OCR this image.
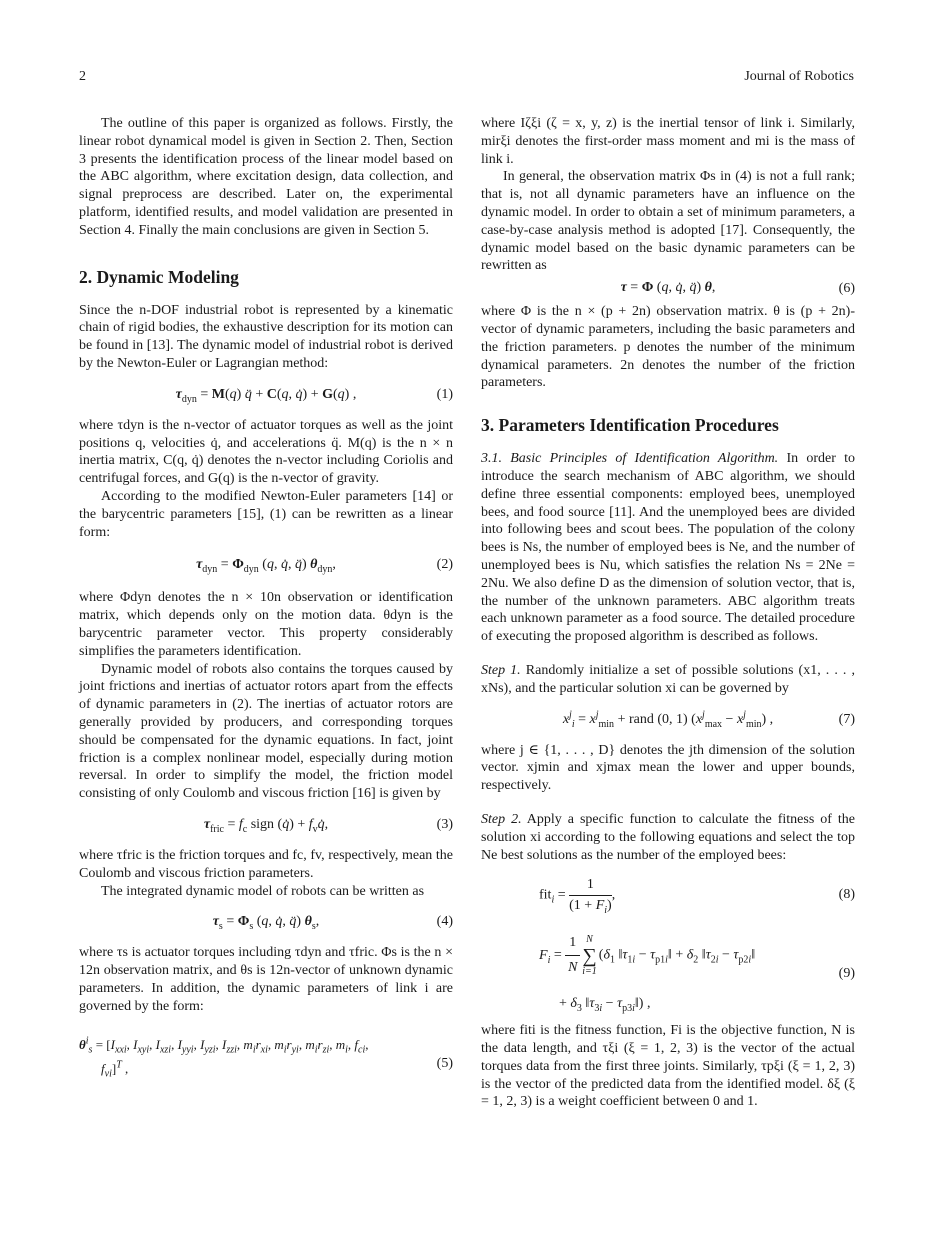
2	Journal of Robotics

The outline of this paper is organized as follows. Firstly, the linear robot dynamical model is given in Section 2. Then, Section 3 presents the identification process of the linear model based on the ABC algorithm, where excitation design, data collection, and signal preprocess are described. Later on, the experimental platform, identified results, and model validation are presented in Section 4. Finally the main conclusions are given in Section 5.

2. Dynamic Modeling

Since the n-DOF industrial robot is represented by a kinematic chain of rigid bodies, the exhaustive description for its motion can be found in [13]. The dynamic model of industrial robot is derived by the Newton-Euler or Lagrangian method:

$\tau_{dyn} = M(q)$ q̈ + C(q, q̇) + G(q) ,	(1)

where τdyn is the n-vector of actuator torques as well as the joint positions q, velocities q̇, and accelerations q̈. M(q) is the n × n inertia matrix, C(q, q̇) denotes the n-vector including Coriolis and centrifugal forces, and G(q) is the n-vector of gravity.

According to the modified Newton-Euler parameters [14] or the barycentric parameters [15], (1) can be rewritten as a linear form:

$\tau_{dyn} = \Phi_{dyn}$ (q, q̇, q̈) $\theta_{dyn}$,	(2)

where Φdyn denotes the n × 10n observation or identification matrix, which depends only on the motion data. θdyn is the barycentric parameter vector. This property considerably simplifies the parameters identification.

Dynamic model of robots also contains the torques caused by joint frictions and inertias of actuator rotors apart from the effects of dynamic parameters in (2). The inertias of actuator rotors are generally provided by producers, and corresponding torques should be compensated for the dynamic equations. In fact, joint friction is a complex nonlinear model, especially during motion reversal. In order to simplify the model, the friction model consisting of only Coulomb and viscous friction [16] is given by

$\tau_{fric} = f_c$ sign (q̇) + $f_vq̇$,	(3)

where τfric is the friction torques and fc, fv, respectively, mean the Coulomb and viscous friction parameters.

The integrated dynamic model of robots can be written as

$\tau_s = \Phi_s$ (q, q̇, q̈) $\theta_s$,	(4)

where τs is actuator torques including τdyn and τfric. Φs is the n × 12n observation matrix, and θs is 12n-vector of unknown dynamic parameters. In addition, the dynamic parameters of link i are governed by the form:

$\theta^i_s = [I_{xxi}$, $I_{xyi}$, $I_{xzi}$, $I_{yyi}$, $I_{yzi}$, $I_{zzi}$, $m_ir_{xi}$, $m_ir_{yi}$, $m_ir_{zi}$, $m_i$, $f_{ci}$,
$f_{vi}]^T$ ,	(5)

where Iζξi (ζ = x, y, z) is the inertial tensor of link i. Similarly, mirξi denotes the first-order mass moment and mi is the mass of link i.

In general, the observation matrix Φs in (4) is not a full rank; that is, not all dynamic parameters have an influence on the dynamic model. In order to obtain a set of minimum parameters, a case-by-case analysis method is adopted [17]. Consequently, the dynamic model based on the basic dynamic parameters can be rewritten as

τ = Φ (q, q̇, q̈) θ,	(6)

where Φ is the n × (p + 2n) observation matrix. θ is (p + 2n)-vector of dynamic parameters, including the basic parameters and the friction parameters. p denotes the number of the minimum dynamical parameters. 2n denotes the number of the friction parameters.

3. Parameters Identification Procedures

3.1. Basic Principles of Identification Algorithm. In order to introduce the search mechanism of ABC algorithm, we should define three essential components: employed bees, unemployed bees, and food source [11]. And the unemployed bees are divided into following bees and scout bees. The population of the colony bees is Ns, the number of employed bees is Ne, and the number of unemployed bees is Nu, which satisfies the relation Ns = 2Ne = 2Nu. We also define D as the dimension of solution vector, that is, the number of the unknown parameters. ABC algorithm treats each unknown parameter as a food source. The detailed procedure of executing the proposed algorithm is described as follows.

Step 1. Randomly initialize a set of possible solutions (x1, . . . , xNs), and the particular solution xi can be governed by

$x^j_i = x^j_{min}$ + rand (0, 1) $(x^j_{max} - x^j_{min})$ ,	(7)

where j ∈ {1, . . . , D} denotes the jth dimension of the solution vector. xjmin and xjmax mean the lower and upper bounds, respectively.

Step 2. Apply a specific function to calculate the fitness of the solution xi according to the following equations and select the top Ne best solutions as the number of the employed bees:

$fit_i = \frac{1}{(1 + F_i)}$ ,	(8)
$F_i = \frac{1}{N}$ N
∑
i=1
($\delta_1$ $‖\tau_{1i}$ − $\tau_{p1i}‖ + \delta_2$ $‖\tau_{2i}$ − $\tau_{p2i}‖$
+ $\delta_3$ $‖\tau_{3i}$ − $\tau_{p3i}‖$) ,
(9)

where fiti is the fitness function, Fi is the objective function, N is the data length, and τξi (ξ = 1, 2, 3) is the vector of the actual torques data from the first three joints. Similarly, τpξi (ξ = 1, 2, 3) is the vector of the predicted data from the identified model. δξ (ξ = 1, 2, 3) is a weight coefficient between 0 and 1.
